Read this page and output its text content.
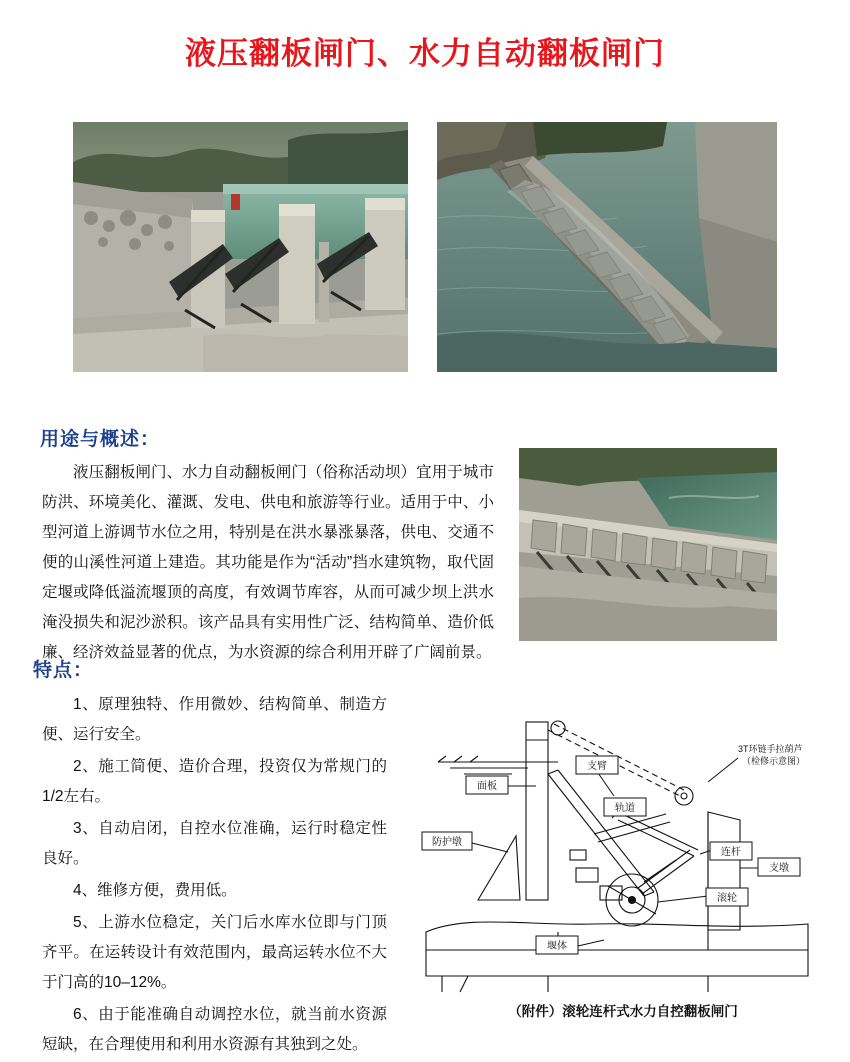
液压翻板闸门、水力自动翻板闸门
用途与概述：
液压翻板闸门、水力自动翻板闸门（俗称活动坝）宜用于城市防洪、环境美化、灌溉、发电、供电和旅游等行业。适用于中、小型河道上游调节水位之用，特别是在洪水暴涨暴落，供电、交通不便的山溪性河道上建造。其功能是作为“活动”挡水建筑物，取代固定堰或降低溢流堰顶的高度，有效调节库容，从而可减少坝上洪水淹没损失和泥沙淤积。该产品具有实用性广泛、结构简单、造价低廉、经济效益显著的优点，为水资源的综合利用开辟了广阔前景。
特点：

1、原理独特、作用微妙、结构简单、制造方便、运行安全。

2、施工简便、造价合理，投资仅为常规门的1/2左右。

3、自动启闭，自控水位准确，运行时稳定性良好。

4、维修方便，费用低。

5、上游水位稳定，关门后水库水位即与门顶齐平。在运转设计有效范围内，最高运转水位不大于门高的10–12%。

6、由于能准确自动调控水位，就当前水资源短缺，在合理使用和利用水资源有其独到之处。

面板
防护墩
支臂
轨道
3T环链手拉葫芦
（检修示意图）
连杆
支墩
滚轮
堰体
（附件）滚轮连杆式水力自控翻板闸门
